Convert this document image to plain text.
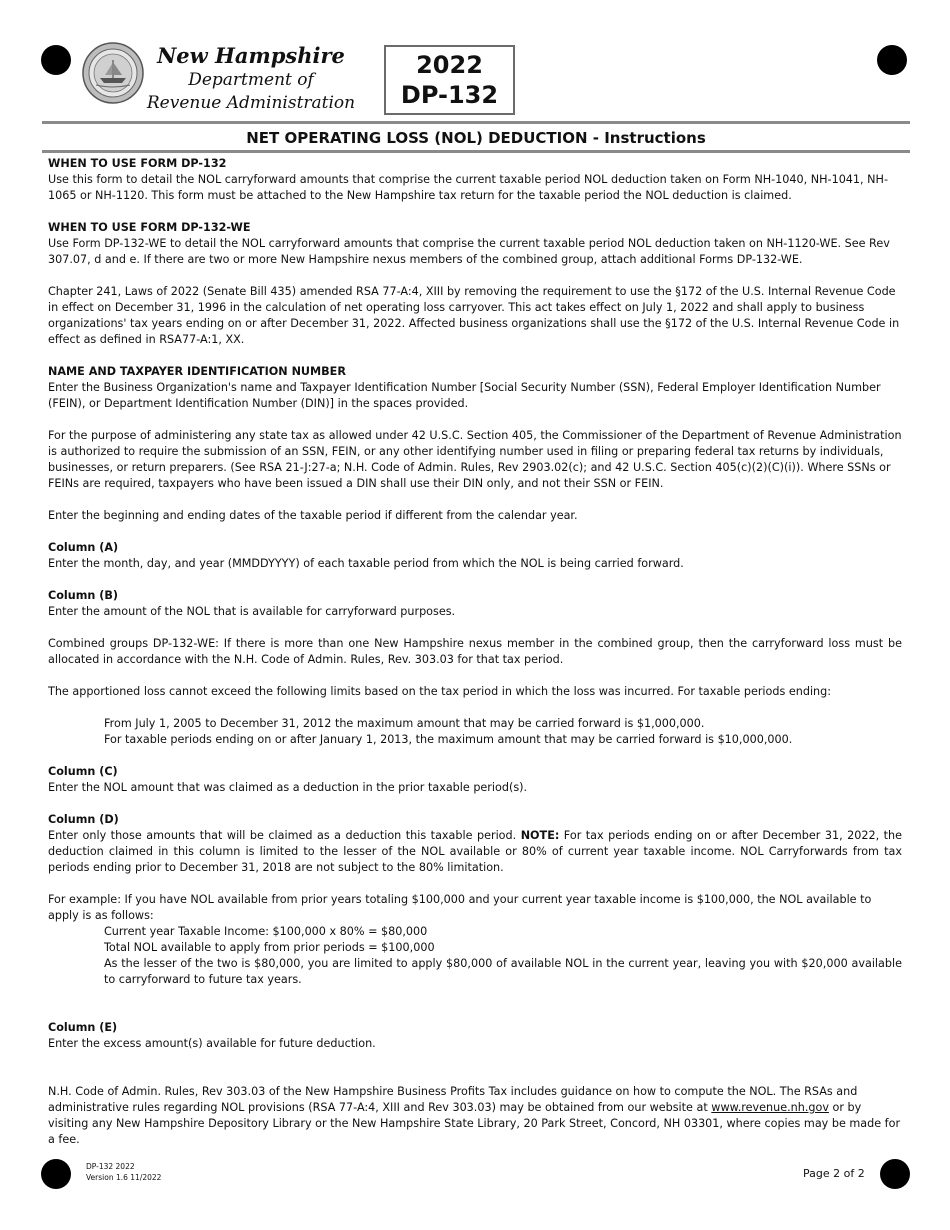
New Hampshire
Department of
Revenue Administration
2022
DP-132
NET OPERATING LOSS (NOL) DEDUCTION - Instructions
WHEN TO USE FORM DP-132

Use this form to detail the NOL carryforward amounts that comprise the current taxable period NOL deduction taken on Form NH-1040, NH-1041, NH-1065 or NH-1120. This form must be attached to the New Hampshire tax return for the taxable period the NOL deduction is claimed.

WHEN TO USE FORM DP-132-WE

Use Form DP-132-WE to detail the NOL carryforward amounts that comprise the current taxable period NOL deduction taken on NH-1120-WE. See Rev 307.07, d and e. If there are two or more New Hampshire nexus members of the combined group, attach additional Forms DP-132-WE.

Chapter 241, Laws of 2022 (Senate Bill 435) amended RSA 77-A:4, XIII by removing the requirement to use the §172 of the U.S. Internal Revenue Code in effect on December 31, 1996 in the calculation of net operating loss carryover. This act takes effect on July 1, 2022 and shall apply to business organizations' tax years ending on or after December 31, 2022. Affected business organizations shall use the §172 of the U.S. Internal Revenue Code in effect as defined in RSA77-A:1, XX.

NAME AND TAXPAYER IDENTIFICATION NUMBER

Enter the Business Organization's name and Taxpayer Identification Number [Social Security Number (SSN), Federal Employer Identification Number (FEIN), or Department Identification Number (DIN)] in the spaces provided.

For the purpose of administering any state tax as allowed under 42 U.S.C. Section 405, the Commissioner of the Department of Revenue Administration is authorized to require the submission of an SSN, FEIN, or any other identifying number used in filing or preparing federal tax returns by individuals, businesses, or return preparers. (See RSA 21-J:27-a; N.H. Code of Admin. Rules, Rev 2903.02(c); and 42 U.S.C. Section 405(c)(2)(C)(i)). Where SSNs or FEINs are required, taxpayers who have been issued a DIN shall use their DIN only, and not their SSN or FEIN.

Enter the beginning and ending dates of the taxable period if different from the calendar year.

Column (A)

Enter the month, day, and year (MMDDYYYY) of each taxable period from which the NOL is being carried forward.

Column (B)

Enter the amount of the NOL that is available for carryforward purposes.

Combined groups DP-132-WE: If there is more than one New Hampshire nexus member in the combined group, then the carryforward loss must be allocated in accordance with the N.H. Code of Admin. Rules, Rev. 303.03 for that tax period.

The apportioned loss cannot exceed the following limits based on the tax period in which the loss was incurred. For taxable periods ending:

From July 1, 2005 to December 31, 2012 the maximum amount that may be carried forward is $1,000,000.
For taxable periods ending on or after January 1, 2013, the maximum amount that may be carried forward is $10,000,000.
Column (C)

Enter the NOL amount that was claimed as a deduction in the prior taxable period(s).

Column (D)

Enter only those amounts that will be claimed as a deduction this taxable period. NOTE: For tax periods ending on or after December 31, 2022, the deduction claimed in this column is limited to the lesser of the NOL available or 80% of current year taxable income. NOL Carryforwards from tax periods ending prior to December 31, 2018 are not subject to the 80% limitation.

For example: If you have NOL available from prior years totaling $100,000 and your current year taxable income is $100,000, the NOL available to apply is as follows:
Current year Taxable Income: $100,000 x 80% = $80,000
Total NOL available to apply from prior periods = $100,000
As the lesser of the two is $80,000, you are limited to apply $80,000 of available NOL in the current year, leaving you with $20,000 available to carryforward to future tax years.
Column (E)

Enter the excess amount(s) available for future deduction.

N.H. Code of Admin. Rules, Rev 303.03 of the New Hampshire Business Profits Tax includes guidance on how to compute the NOL. The RSAs and administrative rules regarding NOL provisions (RSA 77-A:4, XIII and Rev 303.03) may be obtained from our website at www.revenue.nh.gov or by visiting any New Hampshire Depository Library or the New Hampshire State Library, 20 Park Street, Concord, NH 03301, where copies may be made for a fee.

DP-132 2022
Version 1.6 11/2022	Page 2 of 2
